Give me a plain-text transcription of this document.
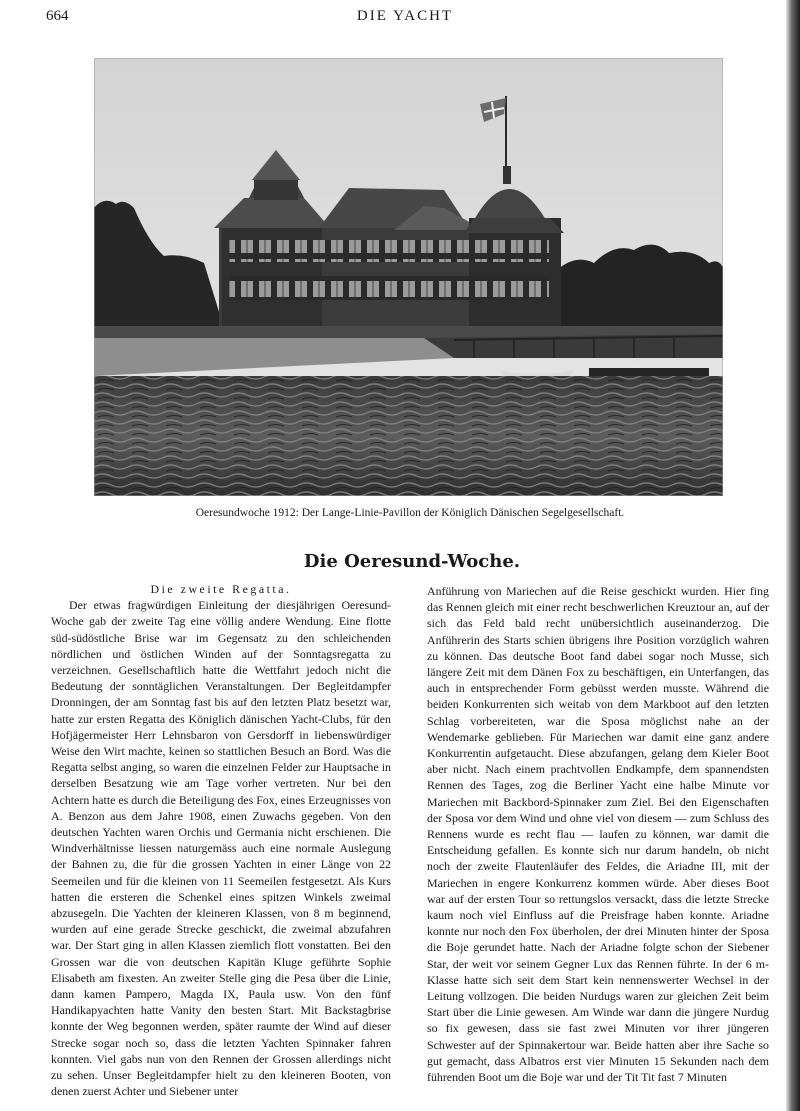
664	DIE YACHT
Oeresundwoche 1912: Der Lange-Linie-Pavillon der Königlich Dänischen Segelgesellschaft.
Die Oeresund-Woche.
Die zweite Regatta.

Der etwas fragwürdigen Einleitung der diesjährigen Oeresund-Woche gab der zweite Tag eine völlig andere Wendung. Eine flotte süd-südöstliche Brise war im Gegensatz zu den schleichenden nördlichen und östlichen Winden auf der Sonntagsregatta zu verzeichnen. Gesellschaftlich hatte die Wettfahrt jedoch nicht die Bedeutung der sonntäglichen Veranstaltungen. Der Begleitdampfer Dronningen, der am Sonntag fast bis auf den letzten Platz besetzt war, hatte zur ersten Regatta des Königlich dänischen Yacht-Clubs, für den Hofjägermeister Herr Lehnsbaron von Gersdorff in liebenswürdiger Weise den Wirt machte, keinen so stattlichen Besuch an Bord. Was die Regatta selbst anging, so waren die einzelnen Felder zur Hauptsache in derselben Besatzung wie am Tage vorher vertreten. Nur bei den Achtern hatte es durch die Beteiligung des Fox, eines Erzeugnisses von A. Benzon aus dem Jahre 1908, einen Zuwachs gegeben. Von den deutschen Yachten waren Orchis und Germania nicht erschienen. Die Windverhältnisse liessen naturgemäss auch eine normale Auslegung der Bahnen zu, die für die grossen Yachten in einer Länge von 22 Seemeilen und für die kleinen von 11 Seemeilen festgesetzt. Als Kurs hatten die ersteren die Schenkel eines spitzen Winkels zweimal abzusegeln. Die Yachten der kleineren Klassen, von 8 m beginnend, wurden auf eine gerade Strecke geschickt, die zweimal abzufahren war. Der Start ging in allen Klassen ziemlich flott vonstatten. Bei den Grossen war die von deutschen Kapitän Kluge geführte Sophie Elisabeth am fixesten. An zweiter Stelle ging die Pesa über die Linie, dann kamen Pampero, Magda IX, Paula usw. Von den fünf Handikapyachten hatte Vanity den besten Start. Mit Backstagbrise konnte der Weg begonnen werden, später raumte der Wind auf dieser Strecke sogar noch so, dass die letzten Yachten Spinnaker fahren konnten. Viel gabs nun von den Rennen der Grossen allerdings nicht zu sehen. Unser Begleitdampfer hielt zu den kleineren Booten, von denen zuerst Achter und Siebener unter

Anführung von Mariechen auf die Reise geschickt wurden. Hier fing das Rennen gleich mit einer recht beschwerlichen Kreuztour an, auf der sich das Feld bald recht unübersichtlich auseinanderzog. Die Anführerin des Starts schien übrigens ihre Position vorzüglich wahren zu können. Das deutsche Boot fand dabei sogar noch Musse, sich längere Zeit mit dem Dänen Fox zu beschäftigen, ein Unterfangen, das auch in entsprechender Form gebüsst werden musste. Während die beiden Konkurrenten sich weitab von dem Markboot auf den letzten Schlag vorbereiteten, war die Sposa möglichst nahe an der Wendemarke geblieben. Für Mariechen war damit eine ganz andere Konkurrentin aufgetaucht. Diese abzufangen, gelang dem Kieler Boot aber nicht. Nach einem prachtvollen Endkampfe, dem spannendsten Rennen des Tages, zog die Berliner Yacht eine halbe Minute vor Mariechen mit Backbord-Spinnaker zum Ziel. Bei den Eigenschaften der Sposa vor dem Wind und ohne viel von diesem — zum Schluss des Rennens wurde es recht flau — laufen zu können, war damit die Entscheidung gefallen. Es konnte sich nur darum handeln, ob nicht noch der zweite Flautenläufer des Feldes, die Ariadne III, mit der Mariechen in engere Konkurrenz kommen würde. Aber dieses Boot war auf der ersten Tour so rettungslos versackt, dass die letzte Strecke kaum noch viel Einfluss auf die Preisfrage haben konnte. Ariadne konnte nur noch den Fox überholen, der drei Minuten hinter der Sposa die Boje gerundet hatte. Nach der Ariadne folgte schon der Siebener Star, der weit vor seinem Gegner Lux das Rennen führte. In der 6 m-Klasse hatte sich seit dem Start kein nennenswerter Wechsel in der Leitung vollzogen. Die beiden Nurdugs waren zur gleichen Zeit beim Start über die Linie gewesen. Am Winde war dann die jüngere Nurdug so fix gewesen, dass sie fast zwei Minuten vor ihrer jüngeren Schwester auf der Spinnakertour war. Beide hatten aber ihre Sache so gut gemacht, dass Albatros erst vier Minuten 15 Sekunden nach dem führenden Boot um die Boje war und der Tit Tit fast 7 Minuten
